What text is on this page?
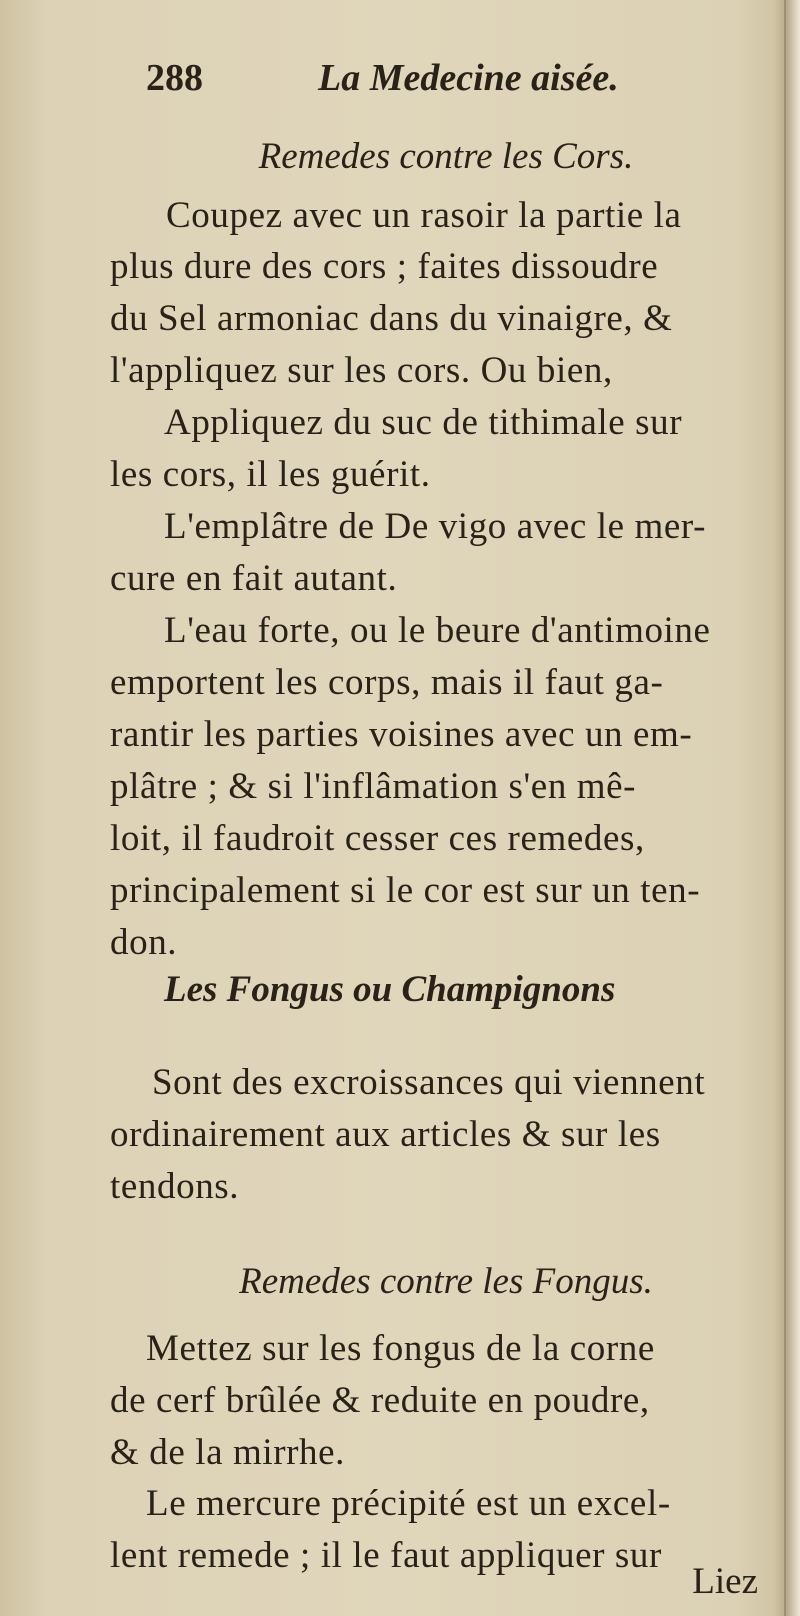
288	La Medecine aisée.
Remedes contre les Cors.
Coupez avec un rasoir la partie la
plus dure des cors ; faites dissoudre
du Sel armoniac dans du vinaigre, &
l'appliquez sur les cors. Ou bien,
Appliquez du suc de tithimale sur
les cors, il les guérit.
L'emplâtre de De vigo avec le mer-
cure en fait autant.
L'eau forte, ou le beure d'antimoine
emportent les corps, mais il faut ga-
rantir les parties voisines avec un em-
plâtre ; & si l'inflâmation s'en mê-
loit, il faudroit cesser ces remedes,
principalement si le cor est sur un ten-
don.
Les Fongus ou Champignons
Sont des excroissances qui viennent
ordinairement aux articles & sur les
tendons.
Remedes contre les Fongus.
Mettez sur les fongus de la corne
de cerf brûlée & reduite en poudre,
& de la mirrhe.
Le mercure précipité est un excel-
lent remede ; il le faut appliquer sur
Liez
